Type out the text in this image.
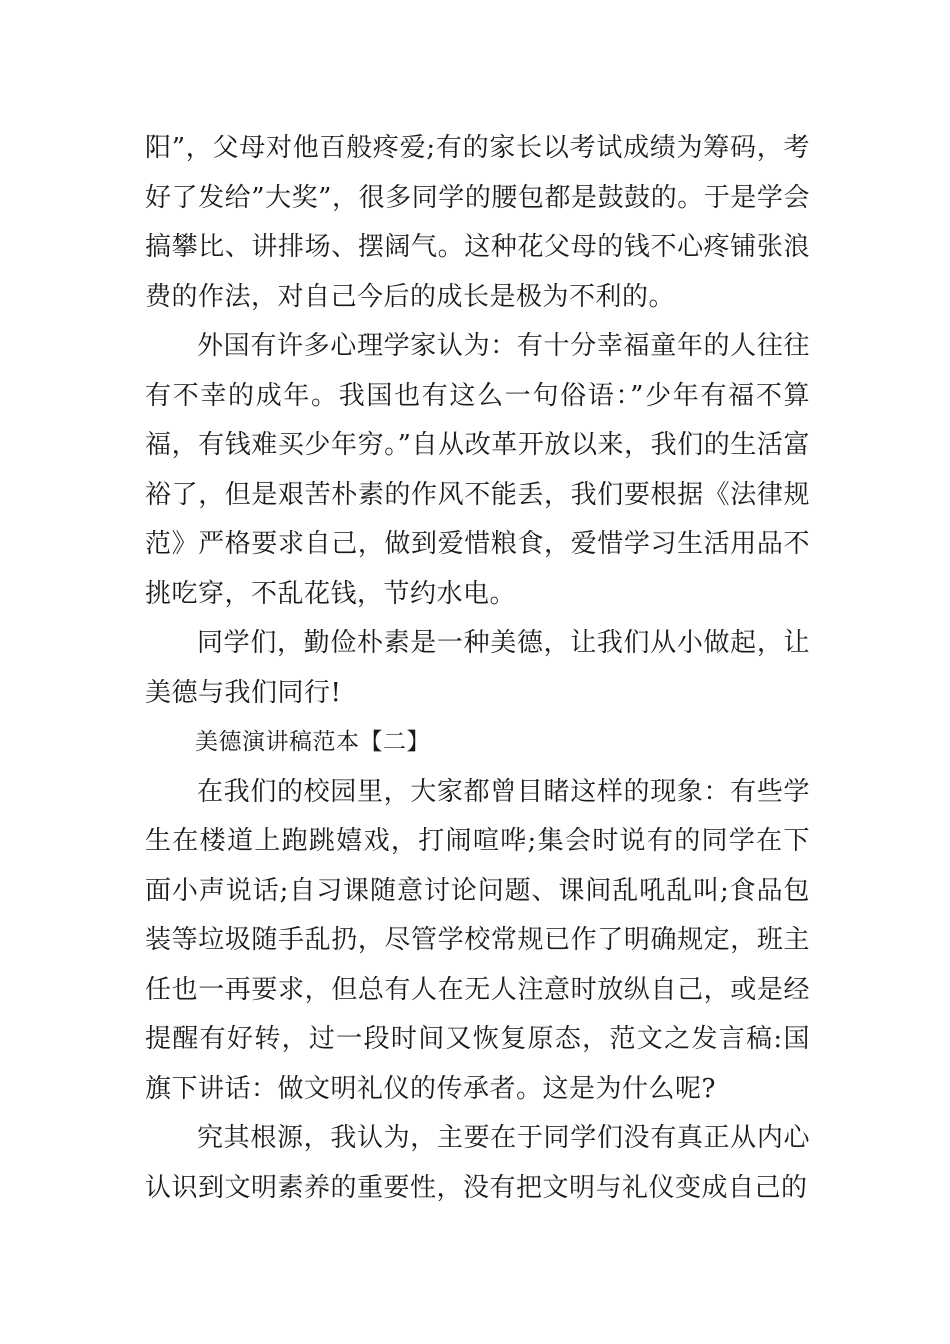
阳”，父母对他百般疼爱;有的家长以考试成绩为筹码，考好了发给”大奖”，很多同学的腰包都是鼓鼓的。于是学会搞攀比、讲排场、摆阔气。这种花父母的钱不心疼铺张浪费的作法，对自己今后的成长是极为不利的。

外国有许多心理学家认为：有十分幸福童年的人往往有不幸的成年。我国也有这么一句俗语：”少年有福不算福，有钱难买少年穷。”自从改革开放以来，我们的生活富裕了，但是艰苦朴素的作风不能丢，我们要根据《法律规范》严格要求自己，做到爱惜粮食，爱惜学习生活用品不挑吃穿，不乱花钱，节约水电。

同学们，勤俭朴素是一种美德，让我们从小做起，让美德与我们同行!

美德演讲稿范本【二】

在我们的校园里，大家都曾目睹这样的现象：有些学生在楼道上跑跳嬉戏，打闹喧哗;集会时说有的同学在下面小声说话;自习课随意讨论问题、课间乱吼乱叫;食品包装等垃圾随手乱扔，尽管学校常规已作了明确规定，班主任也一再要求，但总有人在无人注意时放纵自己，或是经提醒有好转，过一段时间又恢复原态，范文之发言稿:国旗下讲话：做文明礼仪的传承者。这是为什么呢?

究其根源，我认为，主要在于同学们没有真正从内心认识到文明素养的重要性，没有把文明与礼仪变成自己的
